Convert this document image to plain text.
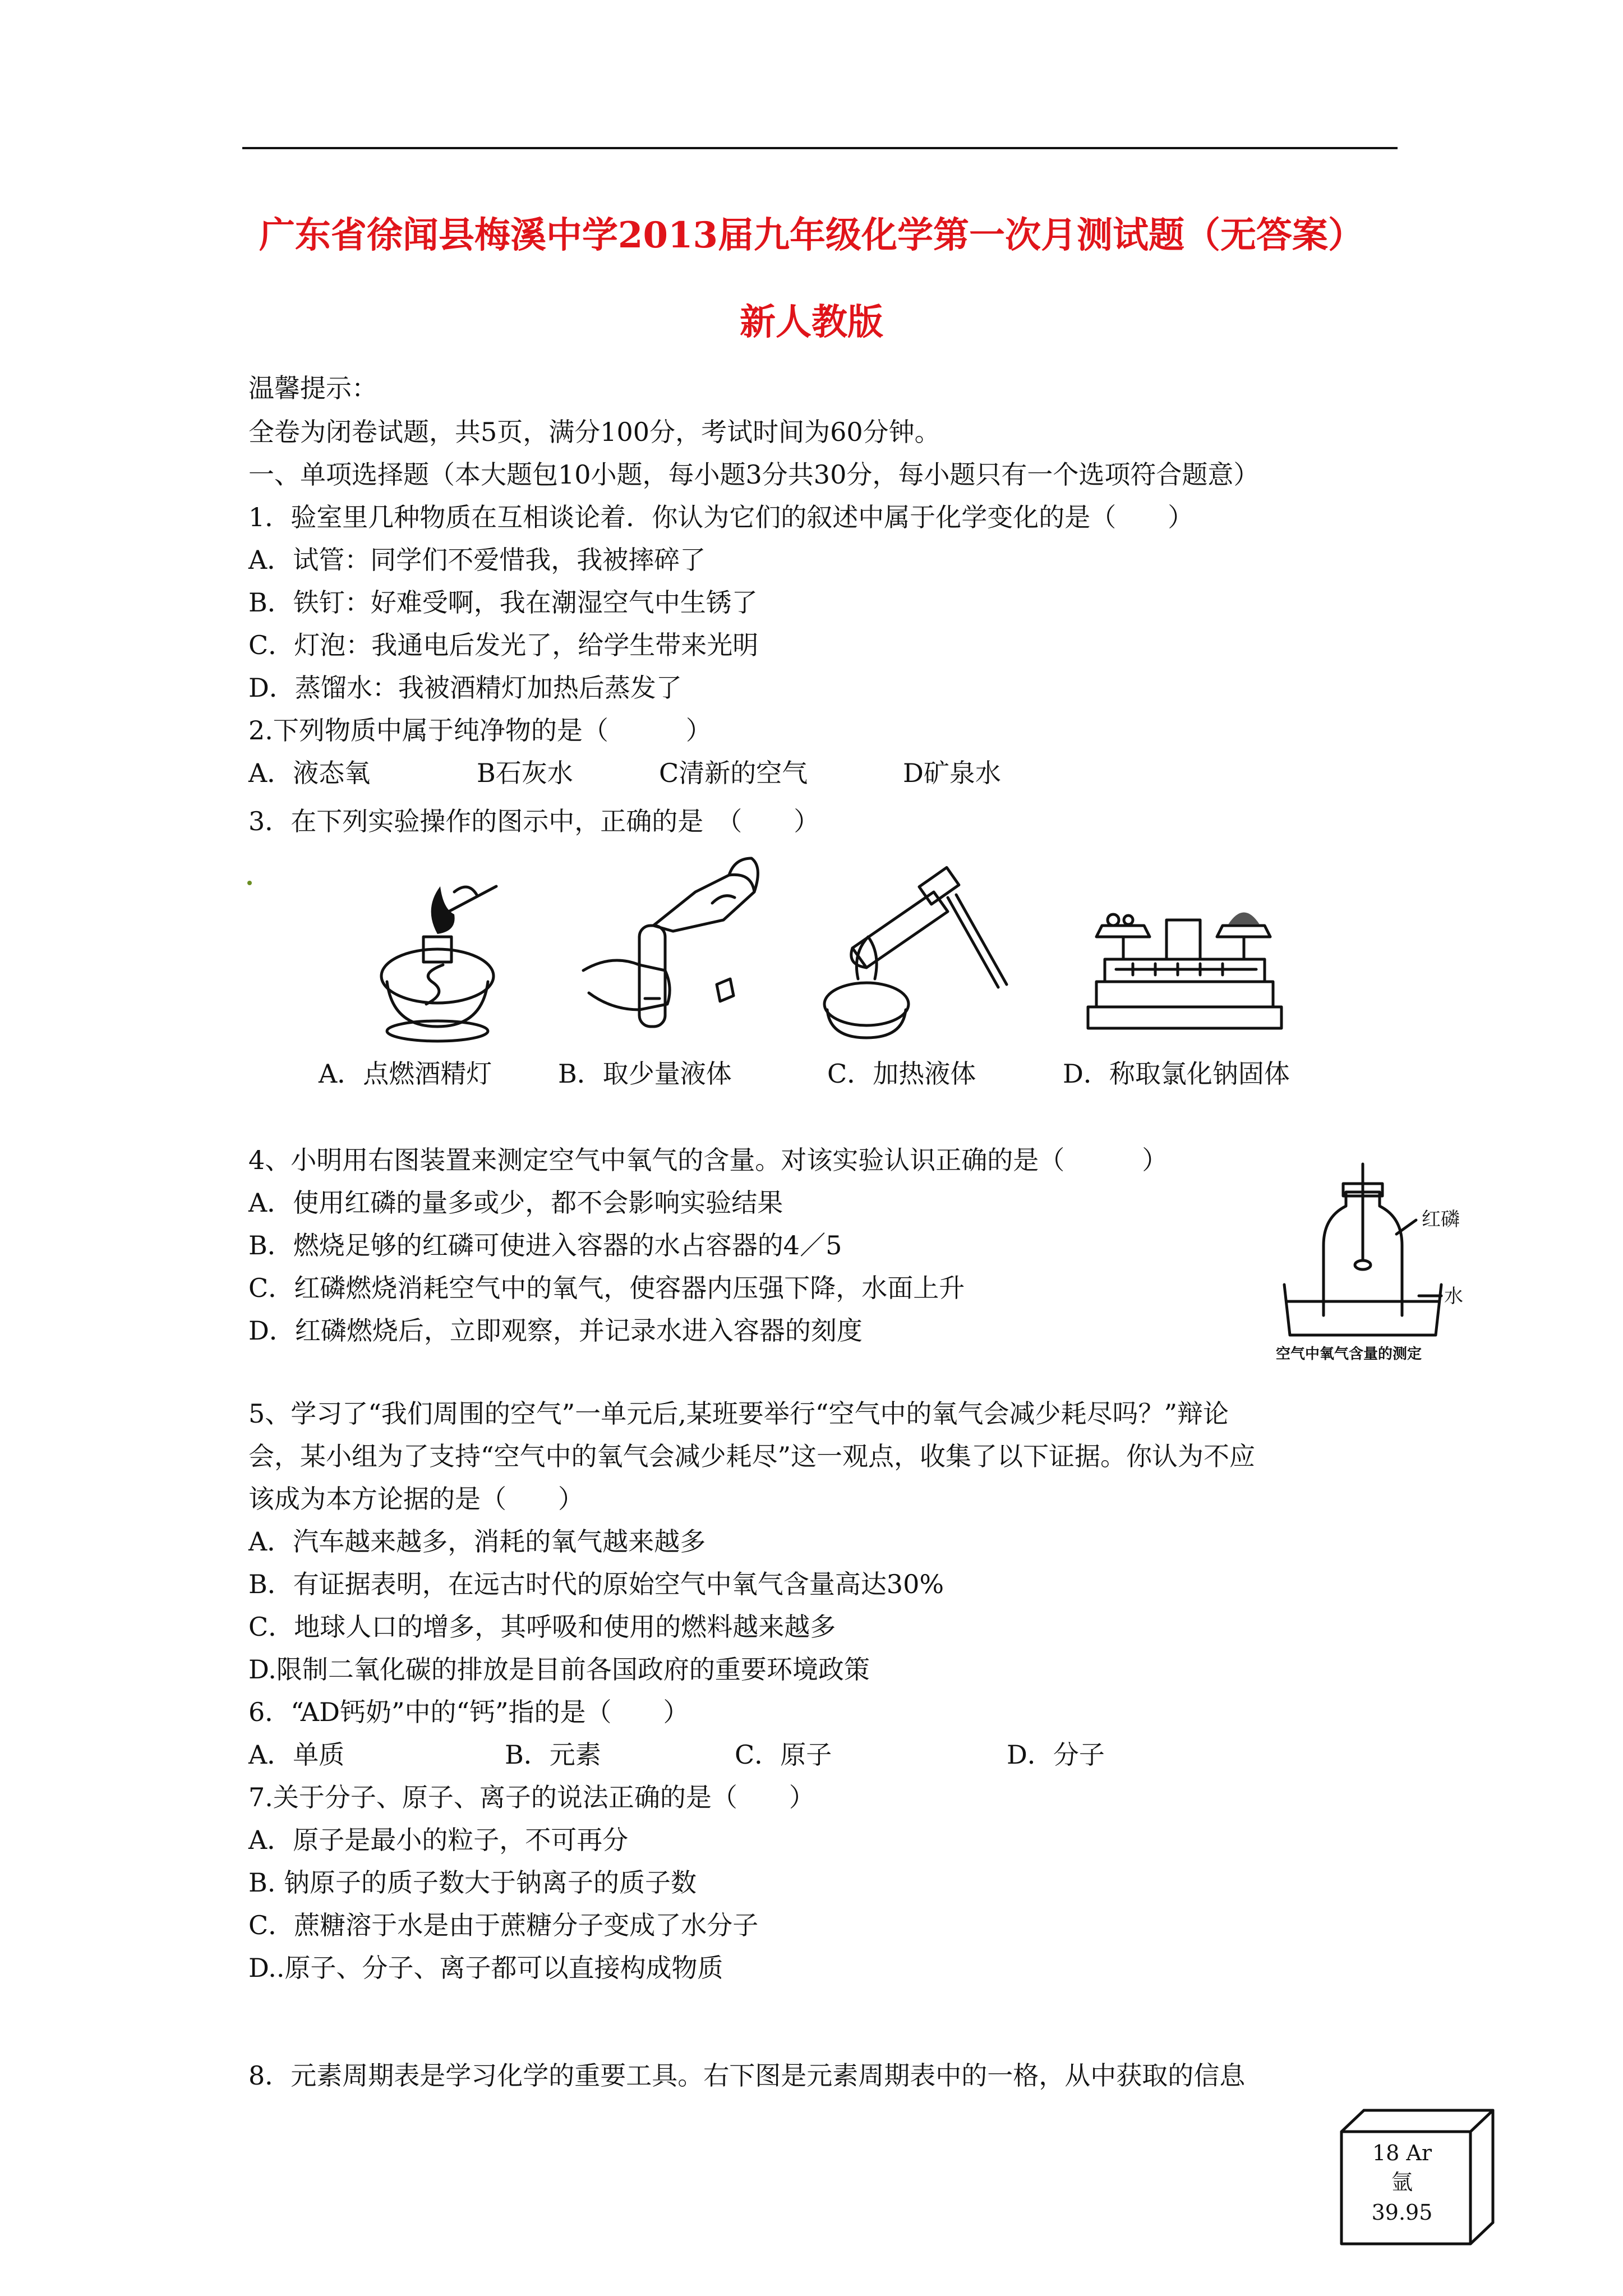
广东省徐闻县梅溪中学2013届九年级化学第一次月测试题（无答案）
新人教版
温馨提示：
全卷为闭卷试题，共5页，满分100分，考试时间为60分钟。
一、单项选择题（本大题包10小题，每小题3分共30分，每小题只有一个选项符合题意）
1．验室里几种物质在互相谈论着．你认为它们的叙述中属于化学变化的是（　　）
A．试管：同学们不爱惜我，我被摔碎了
B．铁钉：好难受啊，我在潮湿空气中生锈了
C．灯泡：我通电后发光了，给学生带来光明
D．蒸馏水：我被酒精灯加热后蒸发了
2.下列物质中属于纯净物的是（　　　）
A．液态氧	B石灰水	C清新的空气	D矿泉水
3．在下列实验操作的图示中，正确的是　（　　）
红磷
水
空气中氧气含量的测定
A．点燃酒精灯	B．取少量液体	C．加热液体	D．称取氯化钠固体
4、小明用右图装置来测定空气中氧气的含量。对该实验认识正确的是（　　　）
A．使用红磷的量多或少，都不会影响实验结果
B．燃烧足够的红磷可使进入容器的水占容器的4／5
C．红磷燃烧消耗空气中的氧气，使容器内压强下降，水面上升
D．红磷燃烧后，立即观察，并记录水进入容器的刻度
5、学习了“我们周围的空气”一单元后,某班要举行“空气中的氧气会减少耗尽吗？”辩论
会，某小组为了支持“空气中的氧气会减少耗尽”这一观点，收集了以下证据。你认为不应
该成为本方论据的是（　　）
A．汽车越来越多，消耗的氧气越来越多
B．有证据表明，在远古时代的原始空气中氧气含量高达30%
C．地球人口的增多，其呼吸和使用的燃料越来越多
D.限制二氧化碳的排放是目前各国政府的重要环境政策
6．“AD钙奶”中的“钙”指的是（　　）
A．单质	B．元素	C．原子	D．分子
7.关于分子、原子、离子的说法正确的是（　　）
A．原子是最小的粒子，不可再分
B. 钠原子的质子数大于钠离子的质子数
C．蔗糖溶于水是由于蔗糖分子变成了水分子
D..原子、分子、离子都可以直接构成物质
8．元素周期表是学习化学的重要工具。右下图是元素周期表中的一格，从中获取的信息
18 Ar
氩
39.95
